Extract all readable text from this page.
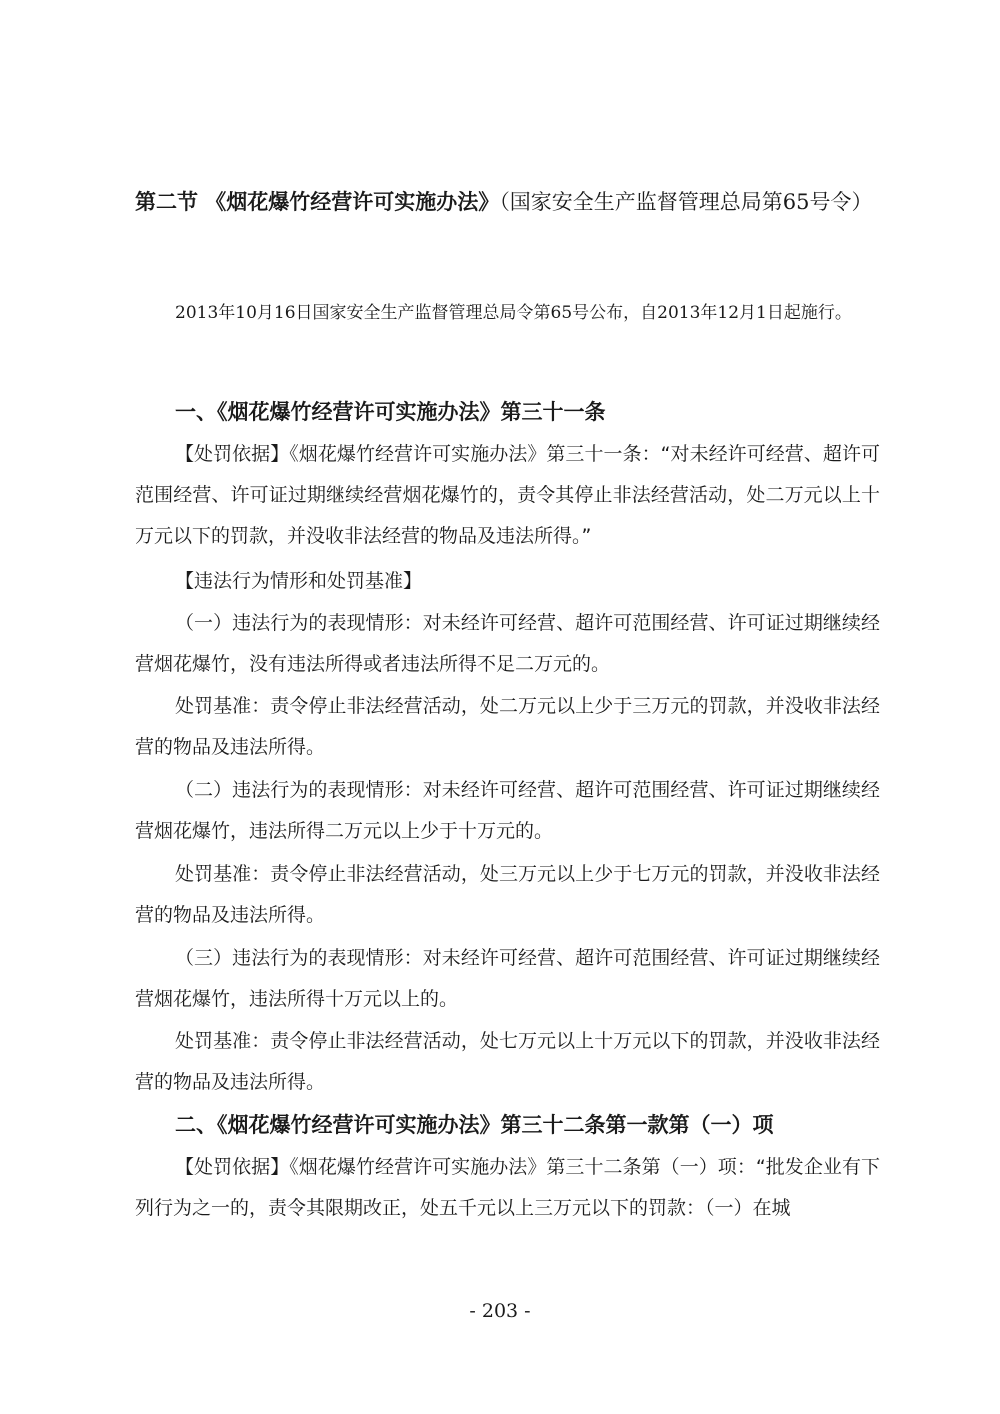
第二节 《烟花爆竹经营许可实施办法》（国家安全生产监督管理总局第65号令）

2013年10月16日国家安全生产监督管理总局令第65号公布，自2013年12月1日起施行。

一、《烟花爆竹经营许可实施办法》第三十一条

【处罚依据】《烟花爆竹经营许可实施办法》第三十一条：“对未经许可经营、超许可范围经营、许可证过期继续经营烟花爆竹的，责令其停止非法经营活动，处二万元以上十万元以下的罚款，并没收非法经营的物品及违法所得。”

【违法行为情形和处罚基准】

（一）违法行为的表现情形：对未经许可经营、超许可范围经营、许可证过期继续经营烟花爆竹，没有违法所得或者违法所得不足二万元的。

处罚基准：责令停止非法经营活动，处二万元以上少于三万元的罚款，并没收非法经营的物品及违法所得。

（二）违法行为的表现情形：对未经许可经营、超许可范围经营、许可证过期继续经营烟花爆竹，违法所得二万元以上少于十万元的。

处罚基准：责令停止非法经营活动，处三万元以上少于七万元的罚款，并没收非法经营的物品及违法所得。

（三）违法行为的表现情形：对未经许可经营、超许可范围经营、许可证过期继续经营烟花爆竹，违法所得十万元以上的。

处罚基准：责令停止非法经营活动，处七万元以上十万元以下的罚款，并没收非法经营的物品及违法所得。

二、《烟花爆竹经营许可实施办法》第三十二条第一款第（一）项

【处罚依据】《烟花爆竹经营许可实施办法》第三十二条第（一）项：“批发企业有下列行为之一的，责令其限期改正，处五千元以上三万元以下的罚款：（一）在城

- 203 -
